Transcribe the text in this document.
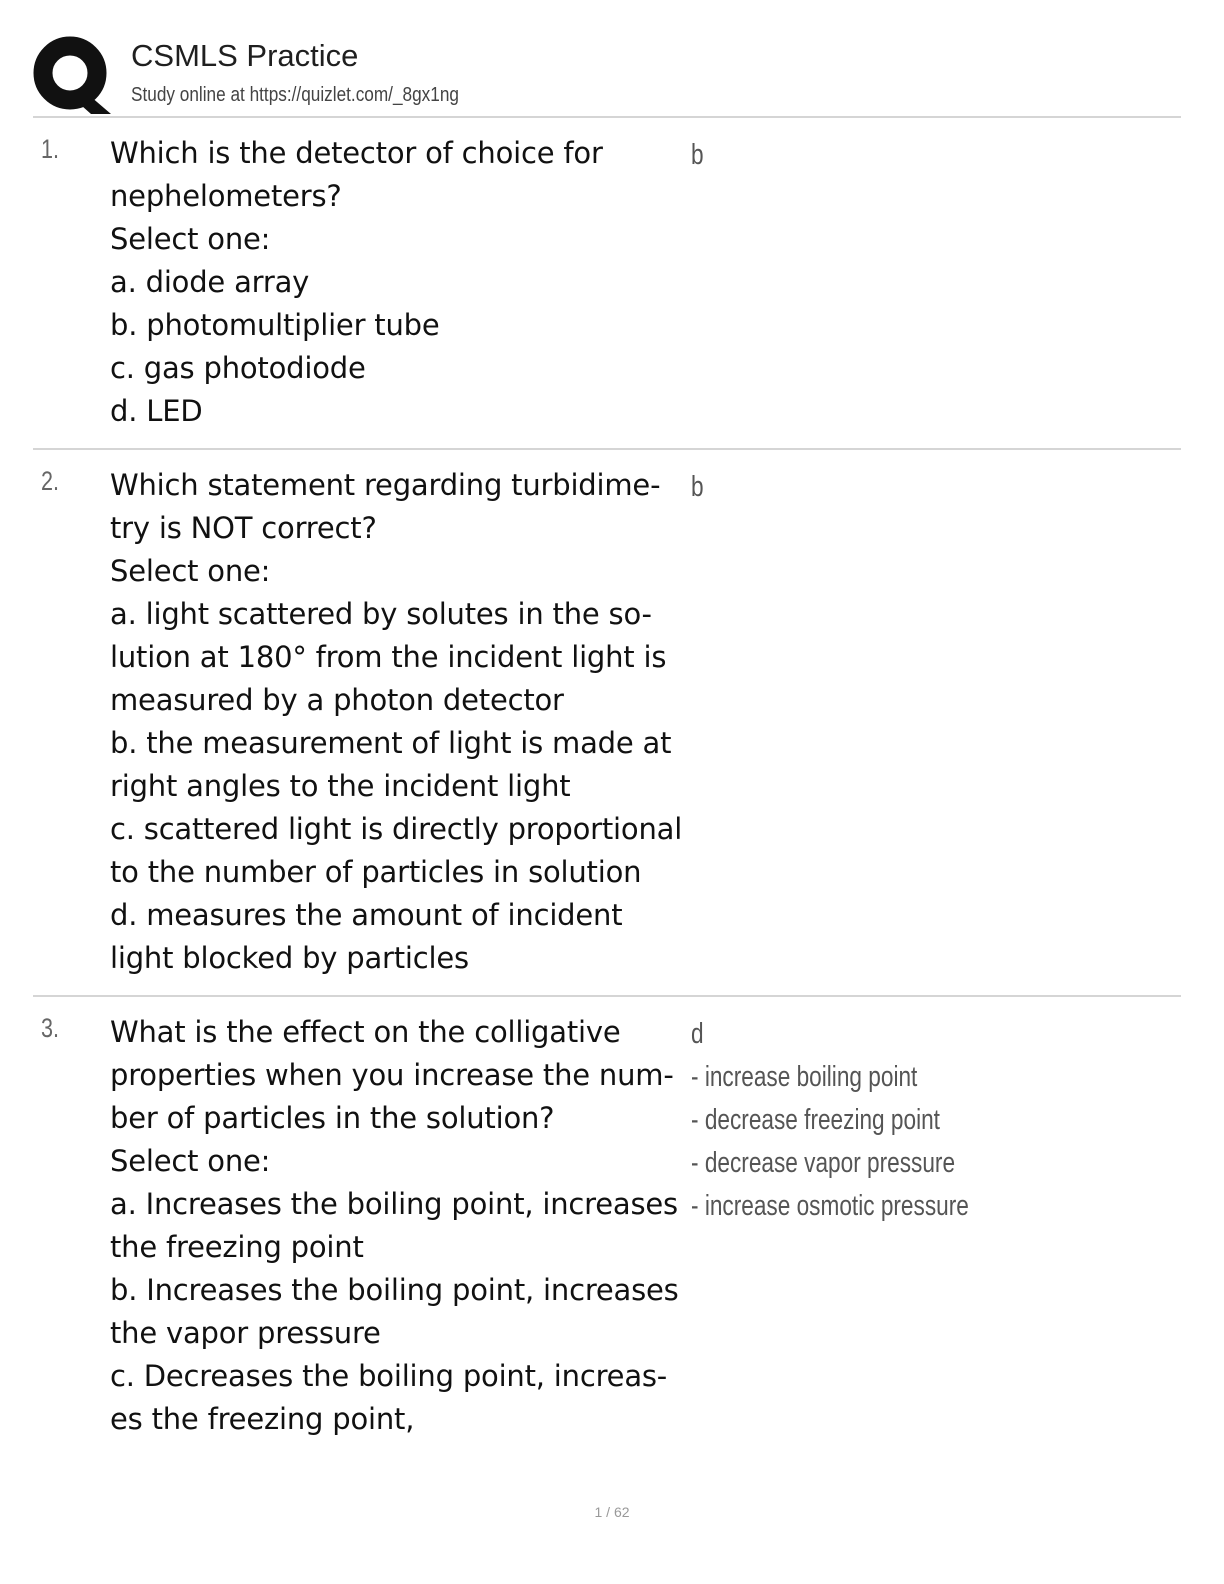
CSMLS Practice
Study online at https://quizlet.com/_8gx1ng
1. Which is the detector of choice for
nephelometers?
Select one:
a. diode array
b. photomultiplier tube
c. gas photodiode
d. LED
b
2. Which statement regarding turbidime-
try is NOT correct?
Select one:
a. light scattered by solutes in the so-
lution at 180° from the incident light is
measured by a photon detector
b. the measurement of light is made at
right angles to the incident light
c. scattered light is directly proportional
to the number of particles in solution
d. measures the amount of incident
light blocked by particles
b
3. What is the effect on the colligative
properties when you increase the num-
ber of particles in the solution?
Select one:
a. Increases the boiling point, increases
the freezing point
b. Increases the boiling point, increases
the vapor pressure
c. Decreases the boiling point, increas-
es the freezing point,
d
- increase boiling point
- decrease freezing point
- decrease vapor pressure
- increase osmotic pressure
1 / 62
